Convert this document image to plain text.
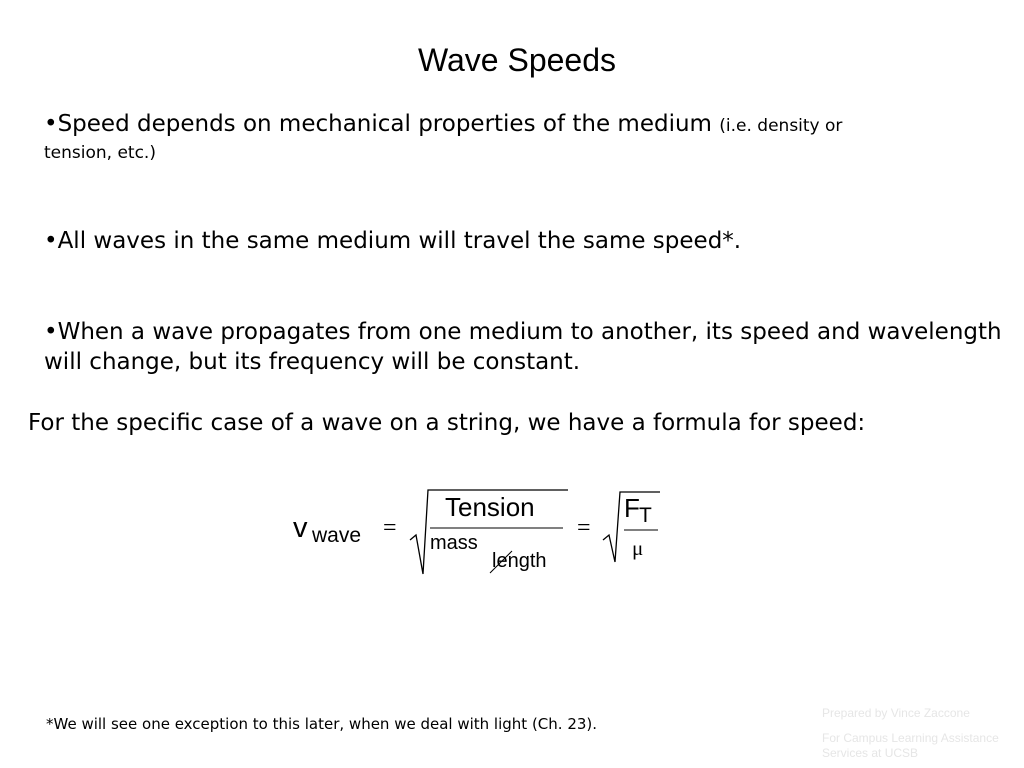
Wave Speeds
•Speed depends on mechanical properties of the medium (i.e. density or
tension, etc.)
•All waves in the same medium will travel the same speed*.
•When a wave propagates from one medium to another, its speed and wavelength will change, but its frequency will be constant.
For the specific case of a wave on a string, we have a formula for speed:
v wave =
Tension
mass
length
=
F T
μ
*We will see one exception to this later, when we deal with light (Ch. 23).
Prepared by Vince Zaccone
For Campus Learning Assistance Services at UCSB
